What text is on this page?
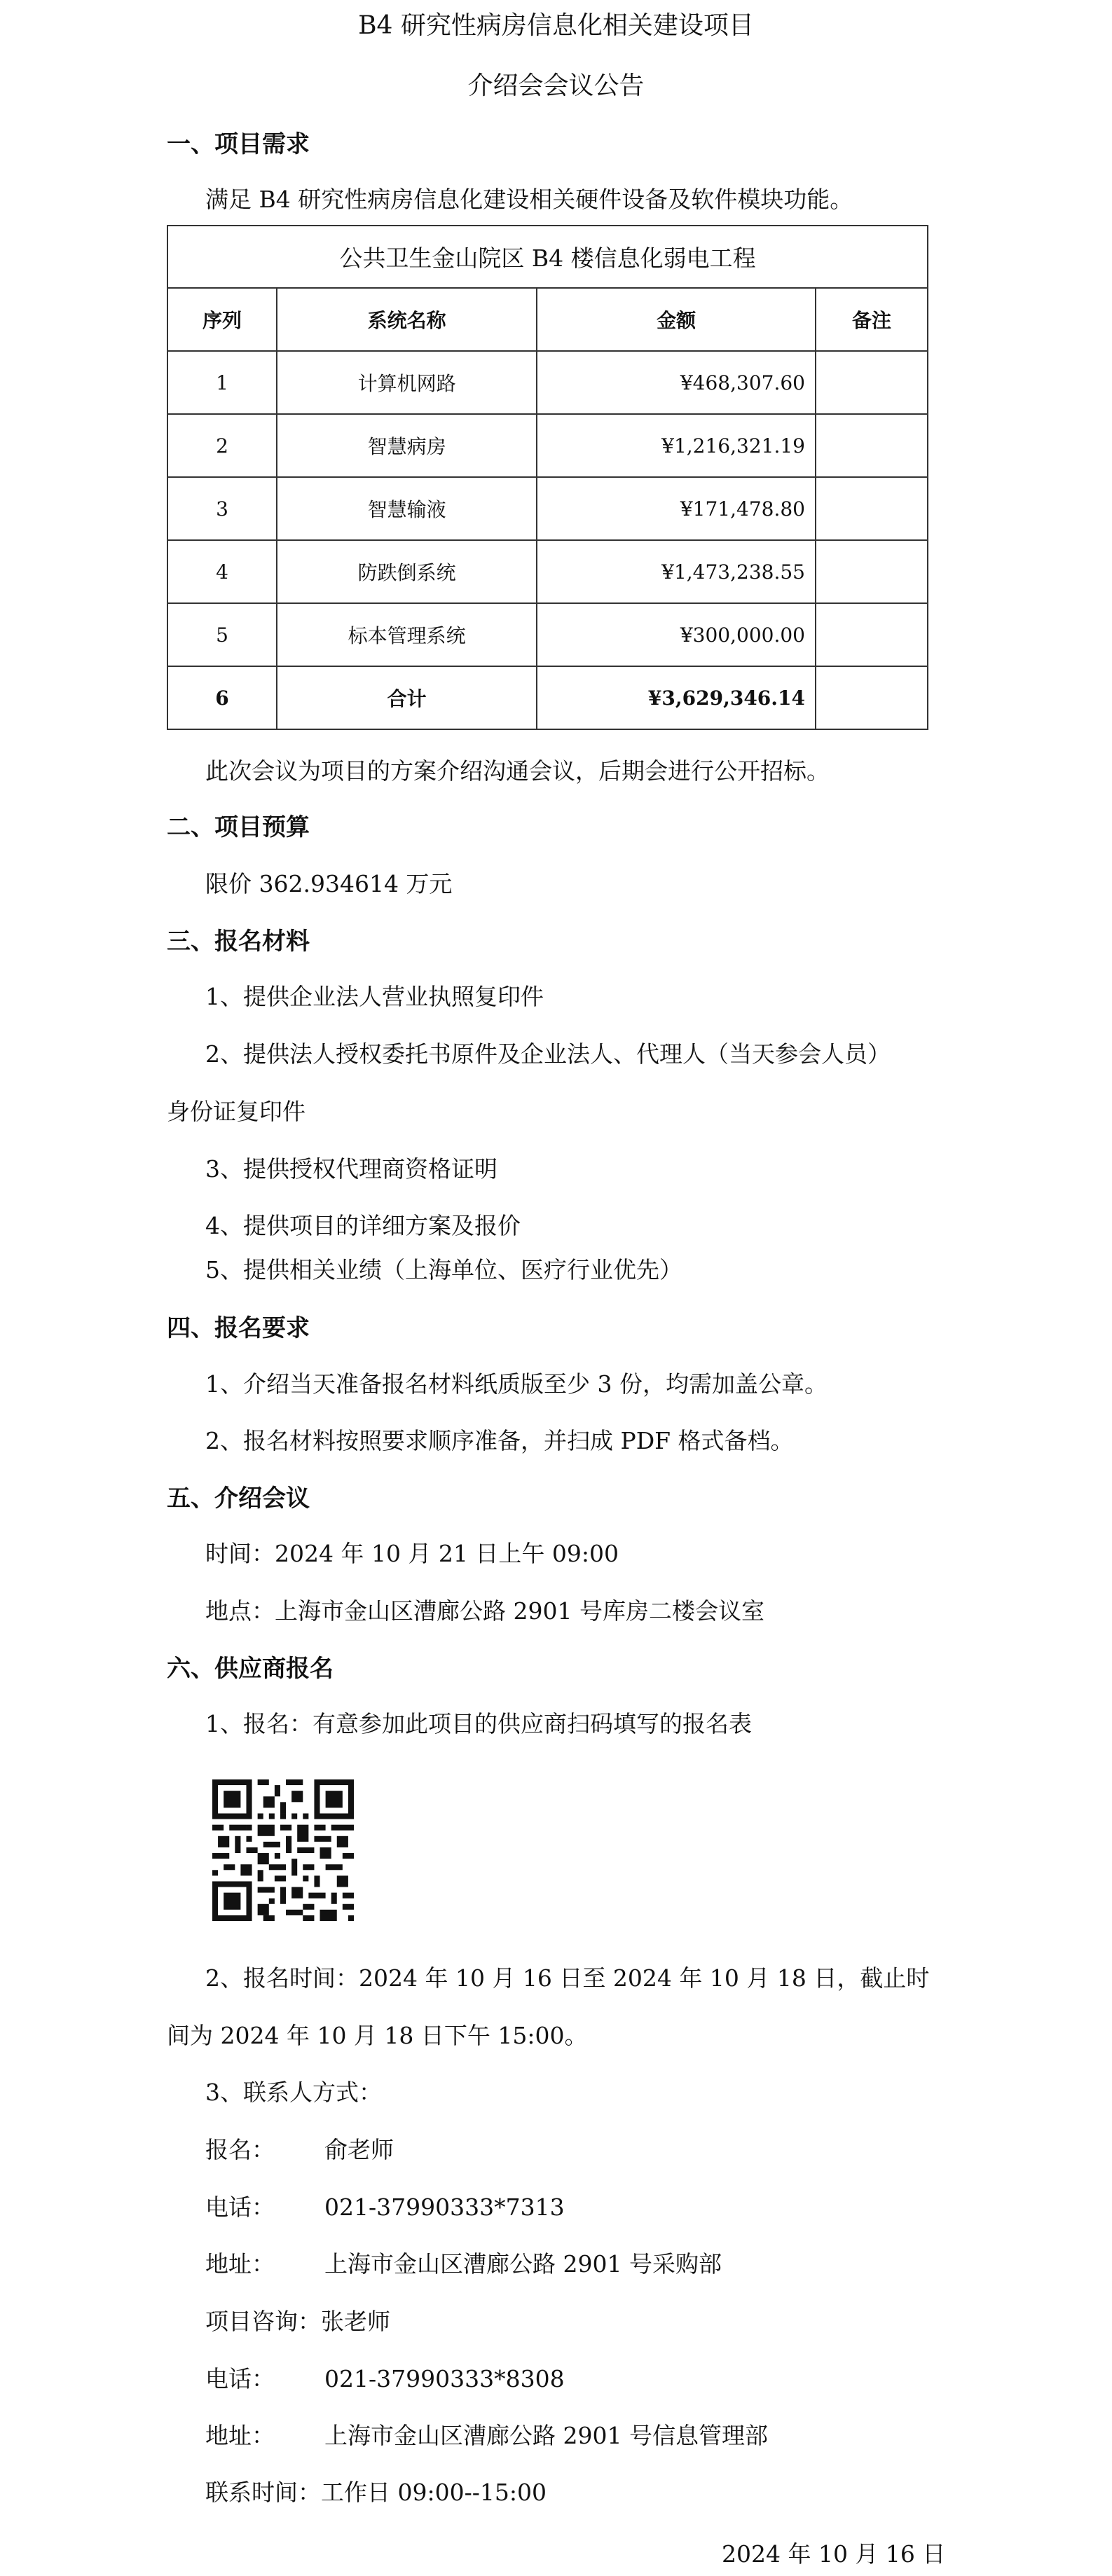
B4 研究性病房信息化相关建设项目
介绍会会议公告
一、项目需求
满足 B4 研究性病房信息化建设相关硬件设备及软件模块功能。
公共卫生金山院区 B4 楼信息化弱电工程			
序列	系统名称	金额	备注
1	计算机网路	¥468,307.60	
2	智慧病房	¥1,216,321.19	
3	智慧输液	¥171,478.80	
4	防跌倒系统	¥1,473,238.55	
5	标本管理系统	¥300,000.00	
6	合计	¥3,629,346.14	
此次会议为项目的方案介绍沟通会议，后期会进行公开招标。
二、项目预算
限价 362.934614 万元
三、报名材料
1、提供企业法人营业执照复印件
2、提供法人授权委托书原件及企业法人、代理人（当天参会人员）
身份证复印件
3、提供授权代理商资格证明
4、提供项目的详细方案及报价
5、提供相关业绩（上海单位、医疗行业优先）
四、报名要求
1、介绍当天准备报名材料纸质版至少 3 份，均需加盖公章。
2、报名材料按照要求顺序准备，并扫成 PDF 格式备档。
五、介绍会议
时间：2024 年 10 月 21 日上午 09:00
地点：上海市金山区漕廊公路 2901 号库房二楼会议室
六、供应商报名
1、报名：有意参加此项目的供应商扫码填写的报名表
2、报名时间：2024 年 10 月 16 日至 2024 年 10 月 18 日，截止时
间为 2024 年 10 月 18 日下午 15:00。
3、联系人方式：
报名： 俞老师
电话： 021-37990333*7313
地址： 上海市金山区漕廊公路 2901 号采购部
项目咨询：张老师
电话： 021-37990333*8308
地址： 上海市金山区漕廊公路 2901 号信息管理部
联系时间：工作日 09:00--15:00
2024 年 10 月 16 日
